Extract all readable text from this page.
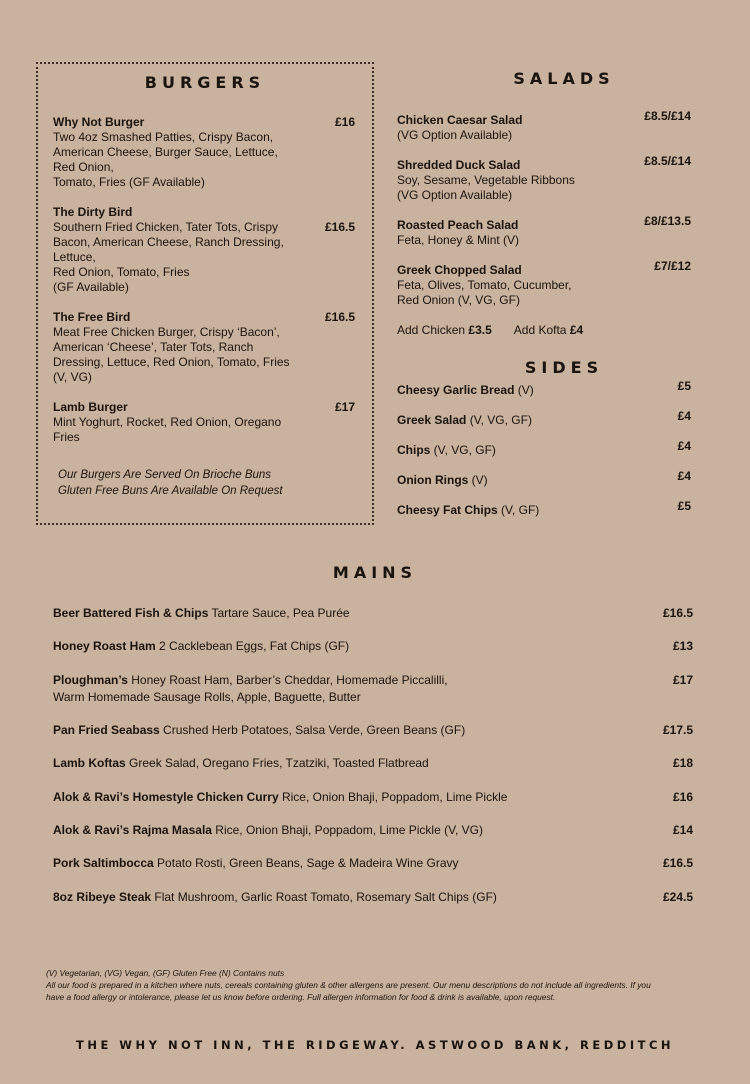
BURGERS
Why Not Burger
Two 4oz Smashed Patties, Crispy Bacon,
American Cheese, Burger Sauce, Lettuce,
Red Onion,
Tomato, Fries (GF Available)
£16
The Dirty Bird
Southern Fried Chicken, Tater Tots, Crispy
Bacon, American Cheese, Ranch Dressing,
Lettuce,
Red Onion, Tomato, Fries
(GF Available)
£16.5
The Free Bird
Meat Free Chicken Burger, Crispy ‘Bacon’,
American ‘Cheese’, Tater Tots, Ranch
Dressing, Lettuce, Red Onion, Tomato, Fries
(V, VG)
£16.5
Lamb Burger
Mint Yoghurt, Rocket, Red Onion, Oregano
Fries
£17
Our Burgers Are Served On Brioche Buns
Gluten Free Buns Are Available On Request
SALADS
Chicken Caesar Salad
(VG Option Available)
£8.5/£14
Shredded Duck Salad
Soy, Sesame, Vegetable Ribbons
(VG Option Available)
£8.5/£14
Roasted Peach Salad
Feta, Honey & Mint (V)
£8/£13.5
Greek Chopped Salad
Feta, Olives, Tomato, Cucumber,
Red Onion (V, VG, GF)
£7/£12
Add Chicken £3.5 Add Kofta £4
SIDES
Cheesy Garlic Bread (V)	£5
Greek Salad (V, VG, GF)	£4
Chips (V, VG, GF)	£4
Onion Rings (V)	£4
Cheesy Fat Chips (V, GF)	£5
MAINS
Beer Battered Fish & Chips Tartare Sauce, Pea Purée	£16.5
Honey Roast Ham 2 Cacklebean Eggs, Fat Chips (GF)	£13
Ploughman’s Honey Roast Ham, Barber’s Cheddar, Homemade Piccalilli,
Warm Homemade Sausage Rolls, Apple, Baguette, Butter
£17
Pan Fried Seabass Crushed Herb Potatoes, Salsa Verde, Green Beans (GF)	£17.5
Lamb Koftas Greek Salad, Oregano Fries, Tzatziki, Toasted Flatbread	£18
Alok & Ravi’s Homestyle Chicken Curry Rice, Onion Bhaji, Poppadom, Lime Pickle	£16
Alok & Ravi’s Rajma Masala Rice, Onion Bhaji, Poppadom, Lime Pickle (V, VG)	£14
Pork Saltimbocca Potato Rosti, Green Beans, Sage & Madeira Wine Gravy	£16.5
8oz Ribeye Steak Flat Mushroom, Garlic Roast Tomato, Rosemary Salt Chips (GF)	£24.5
(V) Vegetarian, (VG) Vegan, (GF) Gluten Free (N) Contains nuts
All our food is prepared in a kitchen where nuts, cereals containing gluten & other allergens are present. Our menu descriptions do not include all ingredients. If you
have a food allergy or intolerance, please let us know before ordering. Full allergen information for food & drink is available, upon request.
THE WHY NOT INN, THE RIDGEWAY. ASTWOOD BANK, REDDITCH
